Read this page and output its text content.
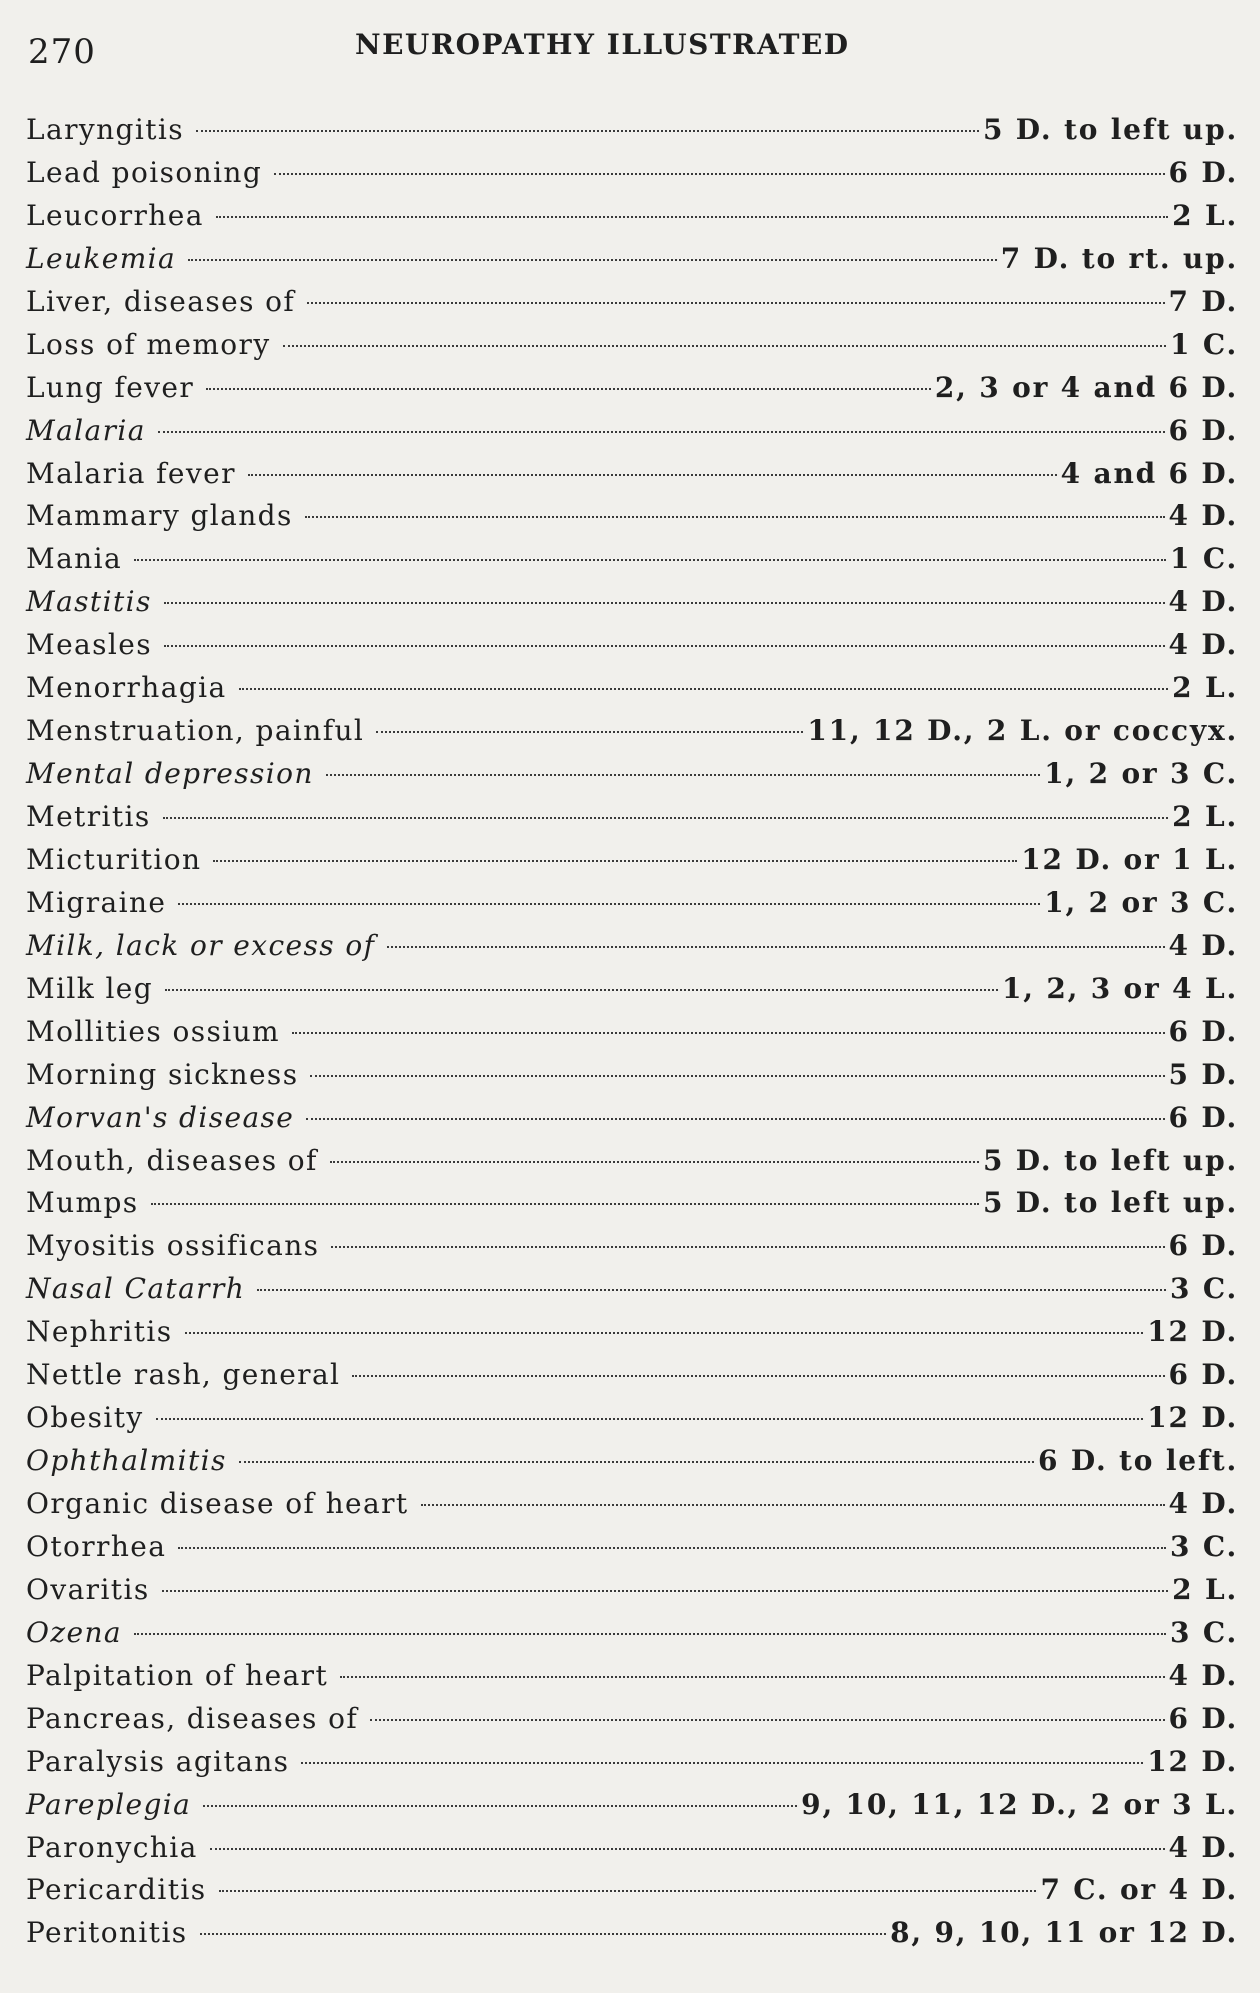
270	NEUROPATHY ILLUSTRATED
Laryngitis	5 D. to left up.
Lead poisoning	6 D.
Leucorrhea	2 L.
Leukemia	7 D. to rt. up.
Liver, diseases of	7 D.
Loss of memory	1 C.
Lung fever	2, 3 or 4 and 6 D.
Malaria	6 D.
Malaria fever	4 and 6 D.
Mammary glands	4 D.
Mania	1 C.
Mastitis	4 D.
Measles	4 D.
Menorrhagia	2 L.
Menstruation, painful	11, 12 D., 2 L. or coccyx.
Mental depression	1, 2 or 3 C.
Metritis	2 L.
Micturition	12 D. or 1 L.
Migraine	1, 2 or 3 C.
Milk, lack or excess of	4 D.
Milk leg	1, 2, 3 or 4 L.
Mollities ossium	6 D.
Morning sickness	5 D.
Morvan's disease	6 D.
Mouth, diseases of	5 D. to left up.
Mumps	5 D. to left up.
Myositis ossificans	6 D.
Nasal Catarrh	3 C.
Nephritis	12 D.
Nettle rash, general	6 D.
Obesity	12 D.
Ophthalmitis	6 D. to left.
Organic disease of heart	4 D.
Otorrhea	3 C.
Ovaritis	2 L.
Ozena	3 C.
Palpitation of heart	4 D.
Pancreas, diseases of	6 D.
Paralysis agitans	12 D.
Pareplegia	9, 10, 11, 12 D., 2 or 3 L.
Paronychia	4 D.
Pericarditis	7 C. or 4 D.
Peritonitis	8, 9, 10, 11 or 12 D.
